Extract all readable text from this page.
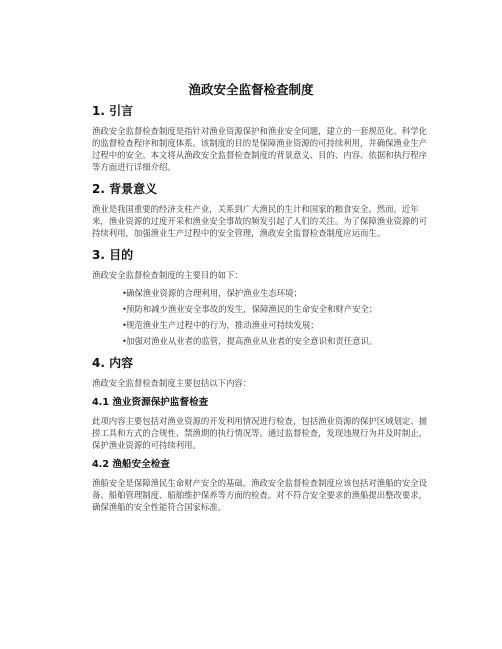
渔政安全监督检查制度
1. 引言

渔政安全监督检查制度是指针对渔业资源保护和渔业安全问题，建立的一套规范化、科学化的监督检查程序和制度体系。该制度的目的是保障渔业资源的可持续利用，并确保渔业生产过程中的安全。本文将从渔政安全监督检查制度的背景意义、目的、内容、依据和执行程序等方面进行详细介绍。

2. 背景意义

渔业是我国重要的经济支柱产业，关系到广大渔民的生计和国家的粮食安全。然而，近年来，渔业资源的过度开采和渔业安全事故的频发引起了人们的关注。为了保障渔业资源的可持续利用，加强渔业生产过程中的安全管理，渔政安全监督检查制度应运而生。

3. 目的

渔政安全监督检查制度的主要目的如下：

• 确保渔业资源的合理利用，保护渔业生态环境；
• 预防和减少渔业安全事故的发生，保障渔民的生命安全和财产安全；
• 规范渔业生产过程中的行为，推动渔业可持续发展；
• 加强对渔业从业者的监管，提高渔业从业者的安全意识和责任意识。
4. 内容

渔政安全监督检查制度主要包括以下内容：

4.1 渔业资源保护监督检查

此项内容主要包括对渔业资源的开发利用情况进行检查，包括渔业资源的保护区域划定、捕捞工具和方式的合规性、禁渔期的执行情况等。通过监督检查，发现违规行为并及时制止，保护渔业资源的可持续利用。

4.2 渔船安全检查

渔船安全是保障渔民生命财产安全的基础。渔政安全监督检查制度应该包括对渔船的安全设备、船舶管理制度、船舶维护保养等方面的检查。对不符合安全要求的渔船提出整改要求，确保渔船的安全性能符合国家标准。
